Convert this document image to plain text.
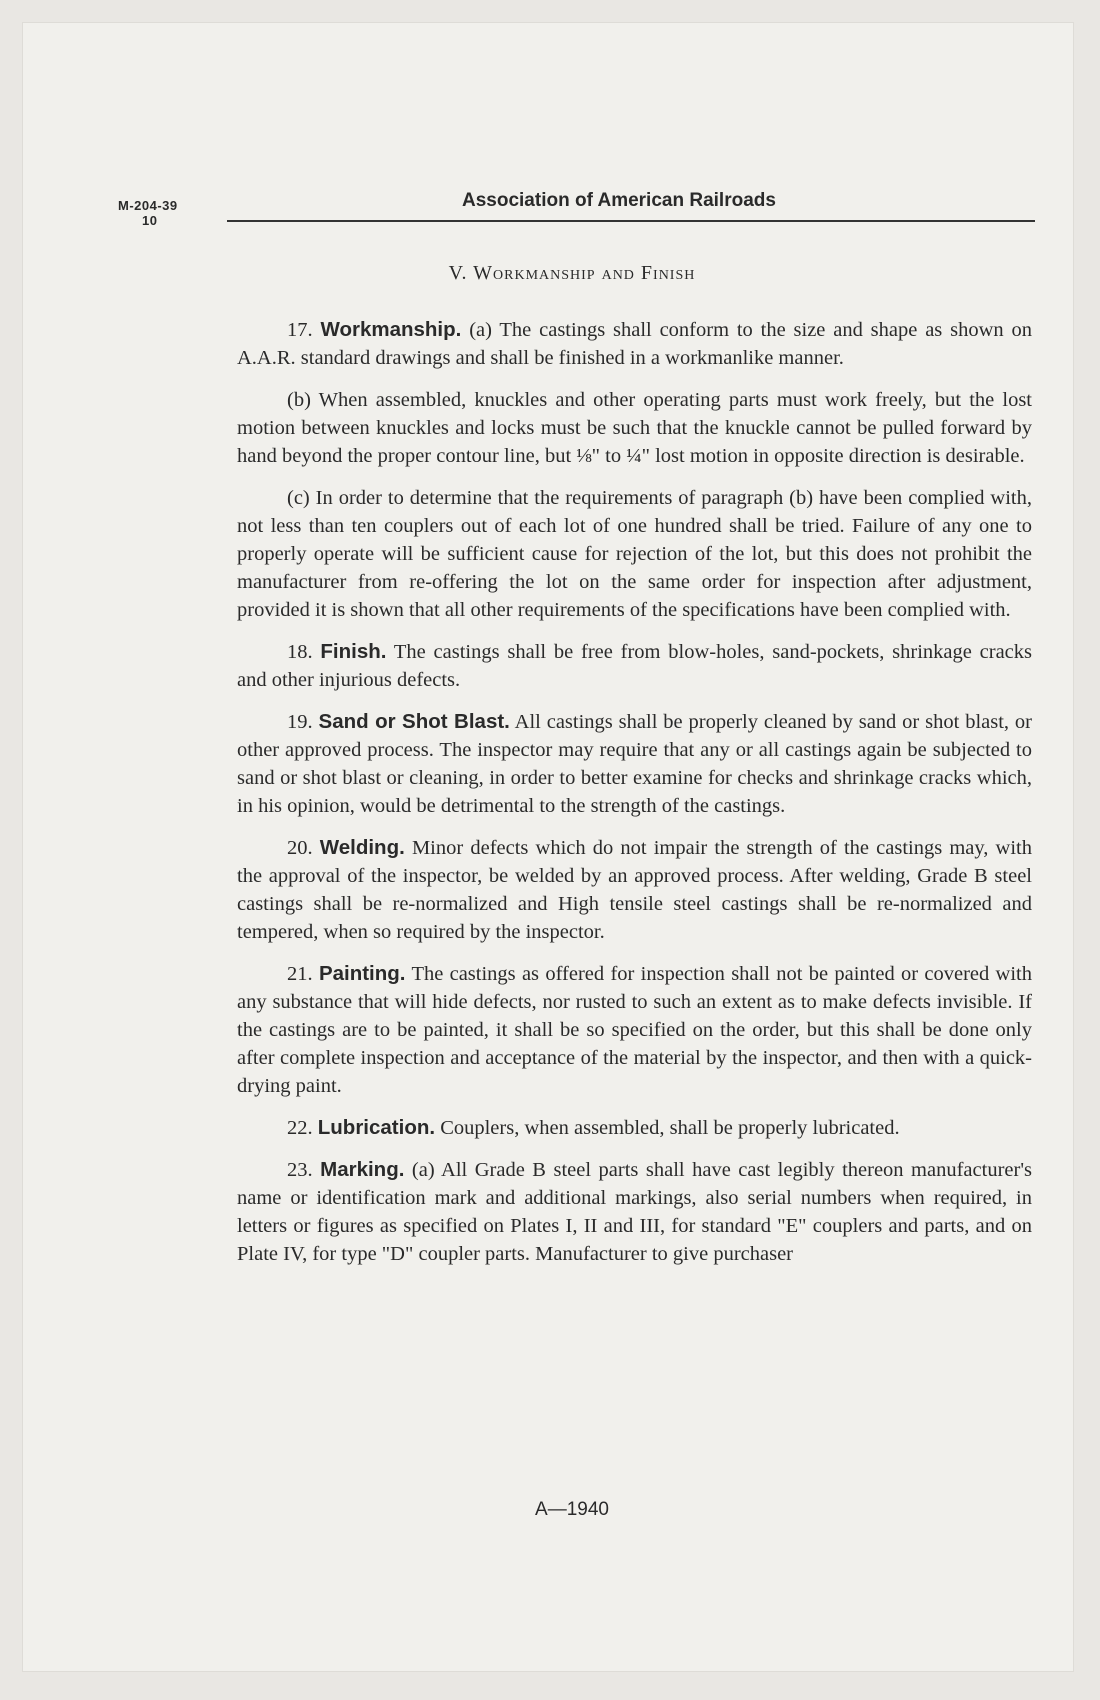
M-204-39
10
Association of American Railroads
V. Workmanship and Finish

17. Workmanship. (a) The castings shall conform to the size and shape as shown on A.A.R. standard drawings and shall be finished in a workmanlike manner.

(b) When assembled, knuckles and other operating parts must work freely, but the lost motion between knuckles and locks must be such that the knuckle cannot be pulled forward by hand beyond the proper contour line, but ⅛" to ¼" lost motion in opposite direction is desirable.

(c) In order to determine that the requirements of paragraph (b) have been complied with, not less than ten couplers out of each lot of one hundred shall be tried. Failure of any one to properly operate will be sufficient cause for rejection of the lot, but this does not prohibit the manufacturer from re-offering the lot on the same order for inspection after adjustment, provided it is shown that all other requirements of the specifications have been complied with.

18. Finish. The castings shall be free from blow-holes, sand-pockets, shrinkage cracks and other injurious defects.

19. Sand or Shot Blast. All castings shall be properly cleaned by sand or shot blast, or other approved process. The inspector may require that any or all castings again be subjected to sand or shot blast or cleaning, in order to better examine for checks and shrinkage cracks which, in his opinion, would be detrimental to the strength of the castings.

20. Welding. Minor defects which do not impair the strength of the castings may, with the approval of the inspector, be welded by an approved process. After welding, Grade B steel castings shall be re-normalized and High tensile steel castings shall be re-normalized and tempered, when so required by the inspector.

21. Painting. The castings as offered for inspection shall not be painted or covered with any substance that will hide defects, nor rusted to such an extent as to make defects invisible. If the castings are to be painted, it shall be so specified on the order, but this shall be done only after complete inspection and acceptance of the material by the inspector, and then with a quick-drying paint.

22. Lubrication. Couplers, when assembled, shall be properly lubricated.

23. Marking. (a) All Grade B steel parts shall have cast legibly thereon manufacturer's name or identification mark and additional markings, also serial numbers when required, in letters or figures as specified on Plates I, II and III, for standard "E" couplers and parts, and on Plate IV, for type "D" coupler parts. Manufacturer to give purchaser

A—1940
